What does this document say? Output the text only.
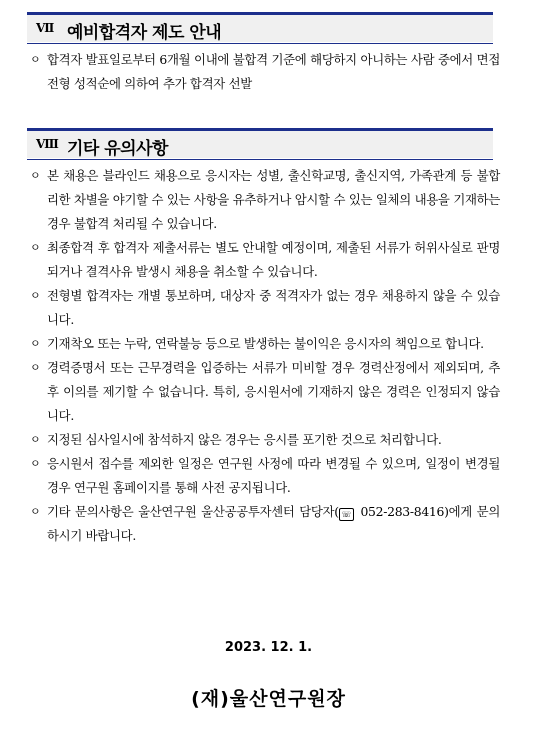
Ⅶ 예비합격자 제도 안내
ㅇ 합격자 발표일로부터 6개월 이내에 불합격 기준에 해당하지 아니하는 사람 중에서 면접전형 성적순에 의하여 추가 합격자 선발
Ⅷ 기타 유의사항
ㅇ 본 채용은 블라인드 채용으로 응시자는 성별, 출신학교명, 출신지역, 가족관계 등 불합리한 차별을 야기할 수 있는 사항을 유추하거나 암시할 수 있는 일체의 내용을 기재하는 경우 불합격 처리될 수 있습니다.
ㅇ 최종합격 후 합격자 제출서류는 별도 안내할 예정이며, 제출된 서류가 허위사실로 판명되거나 결격사유 발생시 채용을 취소할 수 있습니다.
ㅇ 전형별 합격자는 개별 통보하며, 대상자 중 적격자가 없는 경우 채용하지 않을 수 있습니다.
ㅇ 기재착오 또는 누락, 연락불능 등으로 발생하는 불이익은 응시자의 책임으로 합니다.
ㅇ 경력증명서 또는 근무경력을 입증하는 서류가 미비할 경우 경력산정에서 제외되며, 추후 이의를 제기할 수 없습니다. 특히, 응시원서에 기재하지 않은 경력은 인정되지 않습니다.
ㅇ 지정된 심사일시에 참석하지 않은 경우는 응시를 포기한 것으로 처리합니다.
ㅇ 응시원서 접수를 제외한 일정은 연구원 사정에 따라 변경될 수 있으며, 일정이 변경될 경우 연구원 홈페이지를 통해 사전 공지됩니다.
ㅇ 기타 문의사항은 울산연구원 울산공공투자센터 담당자( ☏ 052-283-8416)에게 문의하시기 바랍니다.
2023. 12. 1.
(재)울산연구원장
